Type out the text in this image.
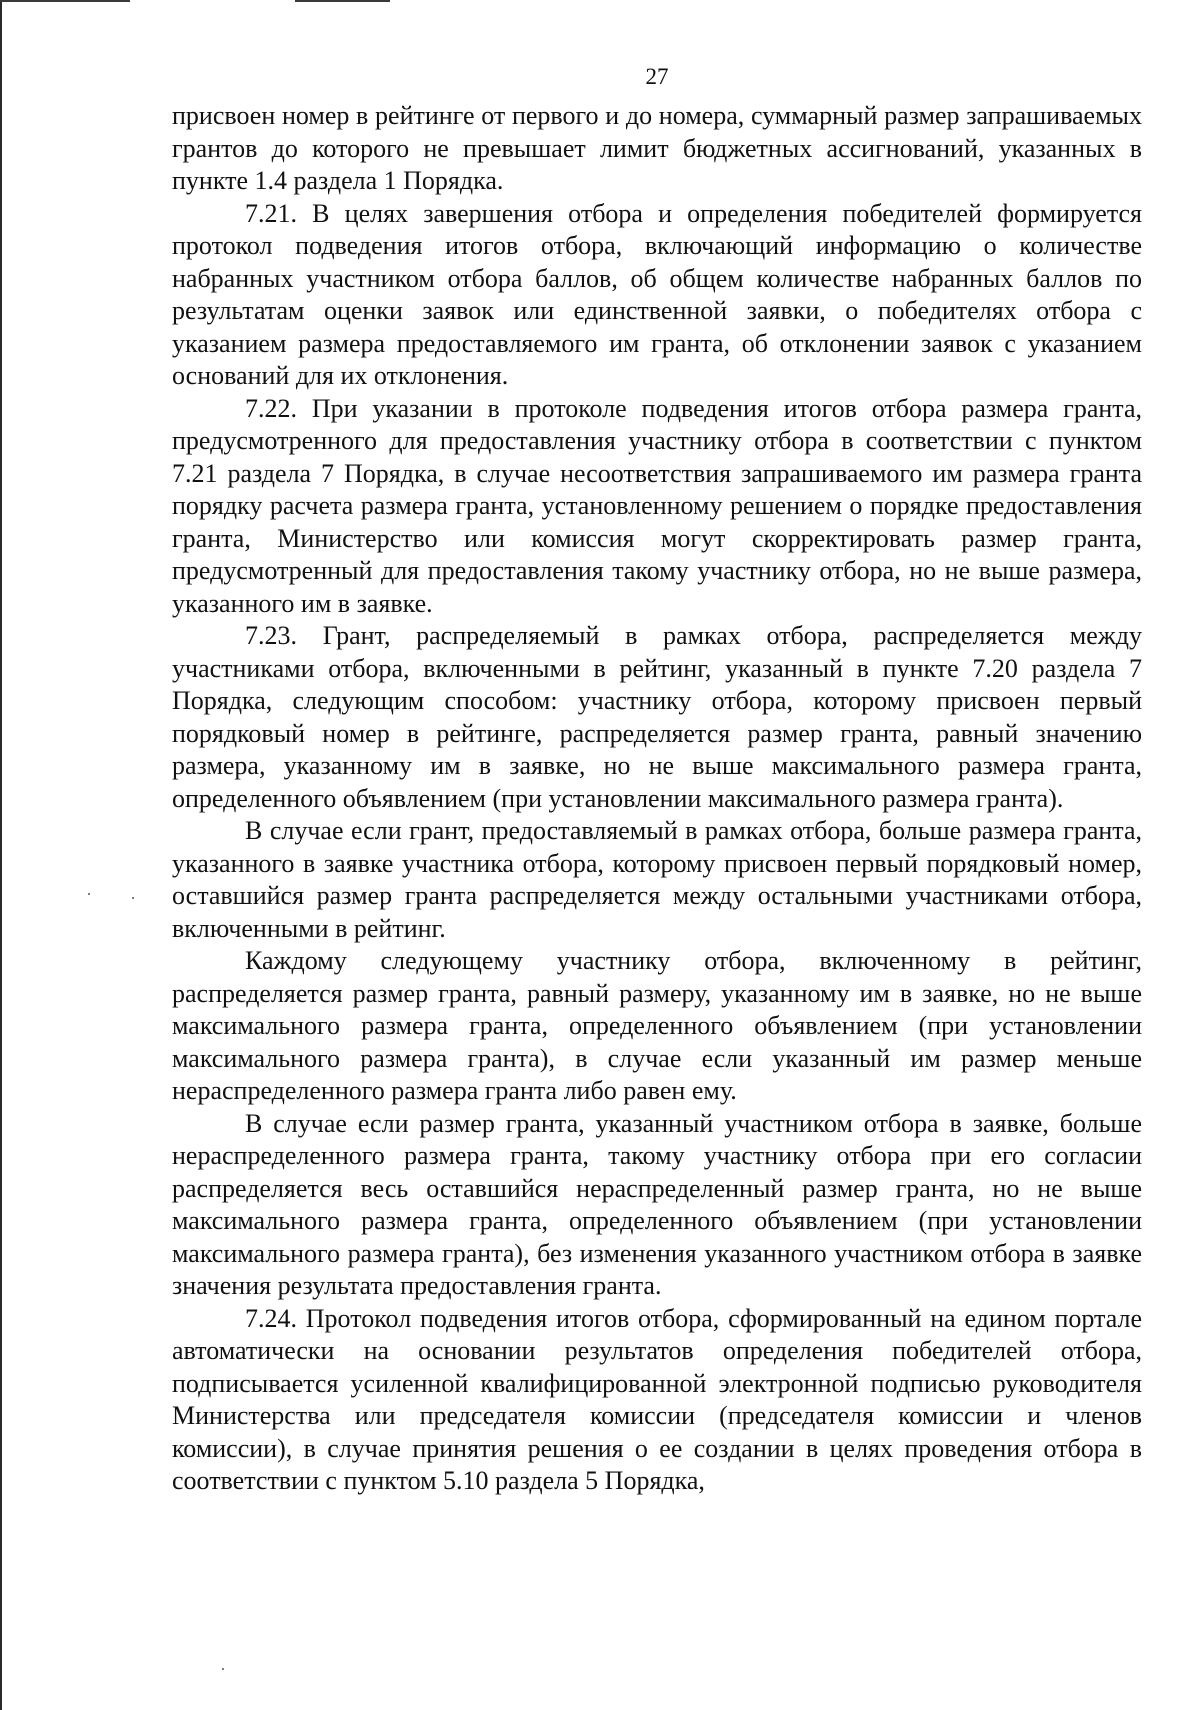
27

присвоен номер в рейтинге от первого и до номера, суммарный размер запрашиваемых грантов до которого не превышает лимит бюджетных ассигнований, указанных в пункте 1.4 раздела 1 Порядка.

7.21. В целях завершения отбора и определения победителей формируется протокол подведения итогов отбора, включающий информацию о количестве набранных участником отбора баллов, об общем количестве набранных баллов по результатам оценки заявок или единственной заявки, о победителях отбора с указанием размера предоставляемого им гранта, об отклонении заявок с указанием оснований для их отклонения.

7.22. При указании в протоколе подведения итогов отбора размера гранта, предусмотренного для предоставления участнику отбора в соответствии с пунктом 7.21 раздела 7 Порядка, в случае несоответствия запрашиваемого им размера гранта порядку расчета размера гранта, установленному решением о порядке предоставления гранта, Министерство или комиссия могут скорректировать размер гранта, предусмотренный для предоставления такому участнику отбора, но не выше размера, указанного им в заявке.

7.23. Грант, распределяемый в рамках отбора, распределяется между участниками отбора, включенными в рейтинг, указанный в пункте 7.20 раздела 7 Порядка, следующим способом: участнику отбора, которому присвоен первый порядковый номер в рейтинге, распределяется размер гранта, равный значению размера, указанному им в заявке, но не выше максимального размера гранта, определенного объявлением (при установлении максимального размера гранта).

В случае если грант, предоставляемый в рамках отбора, больше размера гранта, указанного в заявке участника отбора, которому присвоен первый порядковый номер, оставшийся размер гранта распределяется между остальными участниками отбора, включенными в рейтинг.

Каждому следующему участнику отбора, включенному в рейтинг, распределяется размер гранта, равный размеру, указанному им в заявке, но не выше максимального размера гранта, определенного объявлением (при установлении максимального размера гранта), в случае если указанный им размер меньше нераспределенного размера гранта либо равен ему.

В случае если размер гранта, указанный участником отбора в заявке, больше нераспределенного размера гранта, такому участнику отбора при его согласии распределяется весь оставшийся нераспределенный размер гранта, но не выше максимального размера гранта, определенного объявлением (при установлении максимального размера гранта), без изменения указанного участником отбора в заявке значения результата предоставления гранта.

7.24. Протокол подведения итогов отбора, сформированный на едином портале автоматически на основании результатов определения победителей отбора, подписывается усиленной квалифицированной электронной подписью руководителя Министерства или председателя комиссии (председателя комиссии и членов комиссии), в случае принятия решения о ее создании в целях проведения отбора в соответствии с пунктом 5.10 раздела 5 Порядка,
